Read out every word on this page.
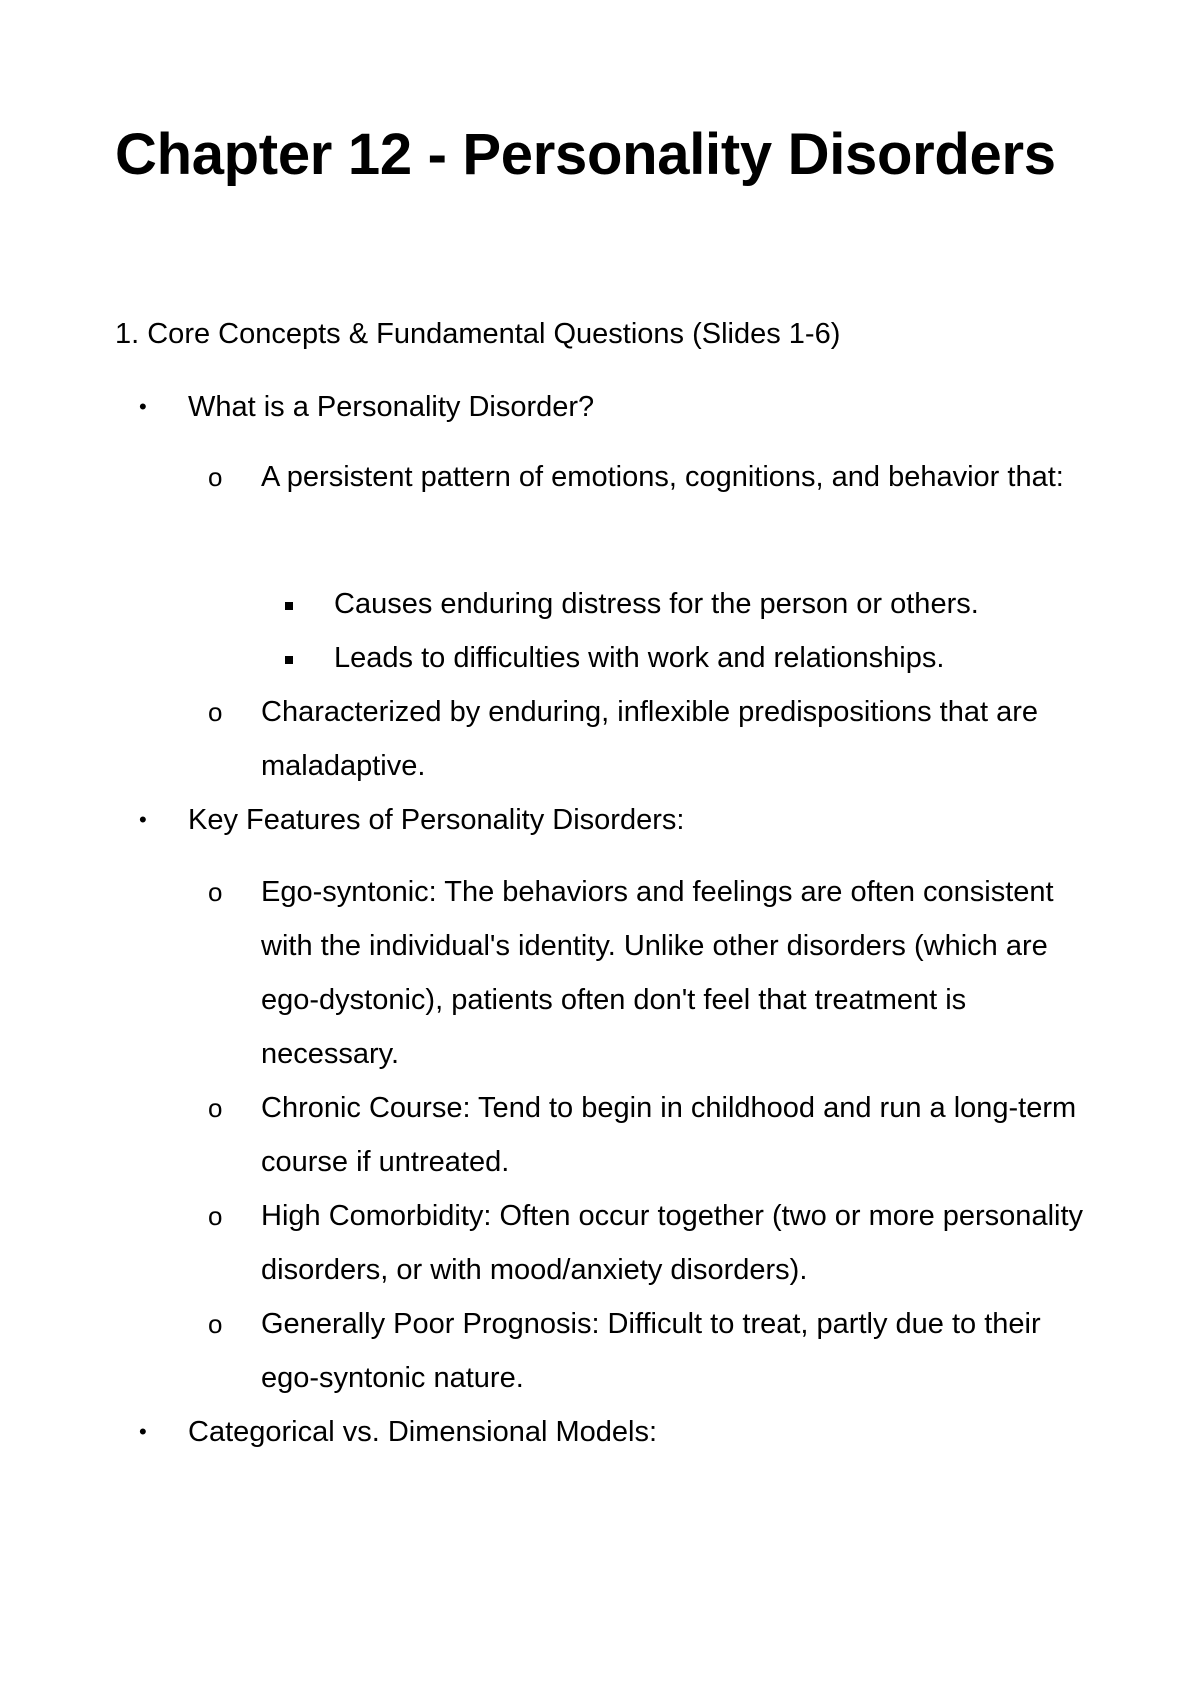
Chapter 12 - Personality Disorders

1. Core Concepts & Fundamental Questions (Slides 1-6)

• What is a Personality Disorder?

o A persistent pattern of emotions, cognitions, and behavior that:

Causes enduring distress for the person or others.

Leads to difficulties with work and relationships.

o Characterized by enduring, inflexible predispositions that are maladaptive.

• Key Features of Personality Disorders:

o Ego-syntonic: The behaviors and feelings are often consistent with the individual's identity. Unlike other disorders (which are ego-dystonic), patients often don't feel that treatment is necessary.

o Chronic Course: Tend to begin in childhood and run a long-term course if untreated.

o High Comorbidity: Often occur together (two or more personality disorders, or with mood/anxiety disorders).

o Generally Poor Prognosis: Difficult to treat, partly due to their ego-syntonic nature.

• Categorical vs. Dimensional Models:
